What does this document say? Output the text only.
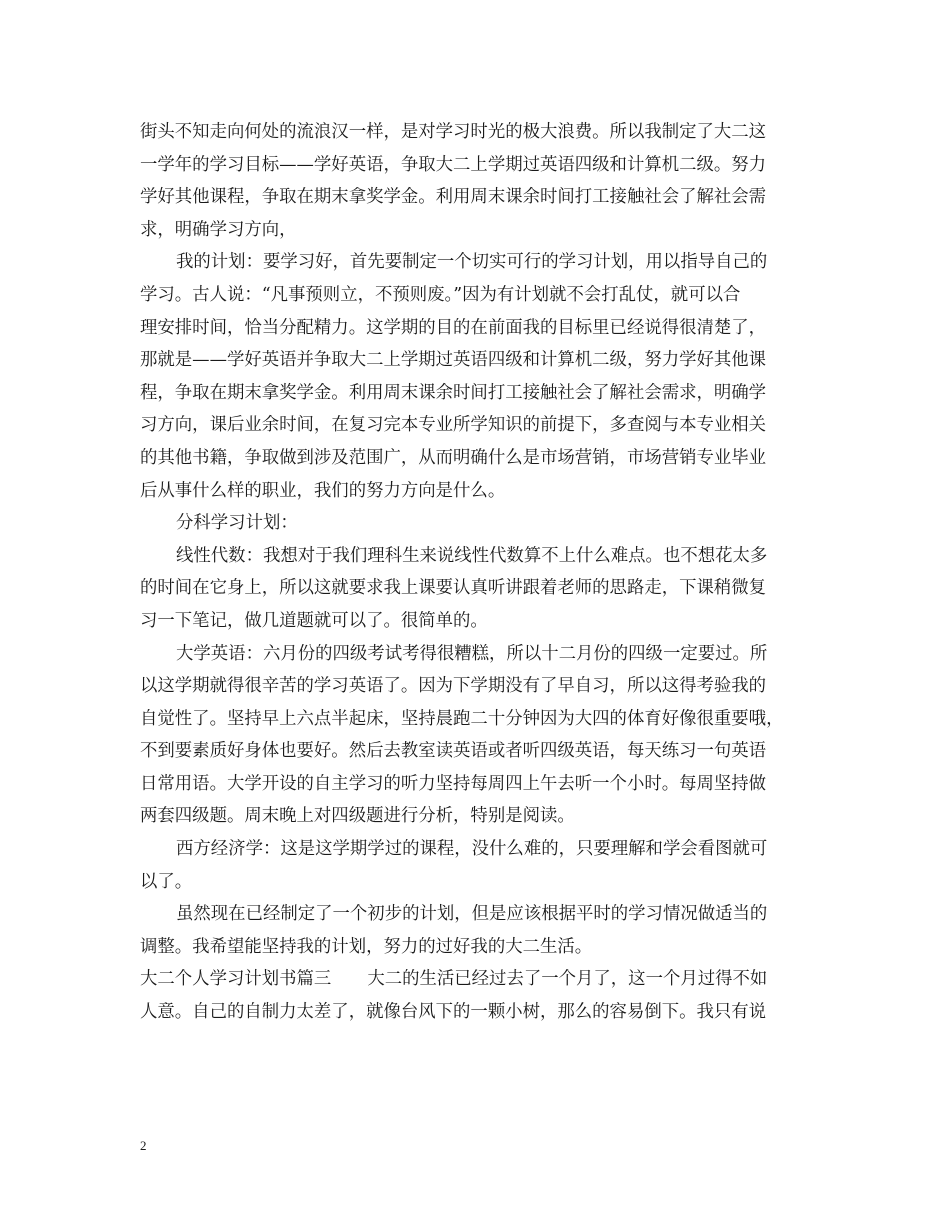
街头不知走向何处的流浪汉一样，是对学习时光的极大浪费。所以我制定了大二这
一学年的学习目标——学好英语，争取大二上学期过英语四级和计算机二级。努力
学好其他课程，争取在期末拿奖学金。利用周末课余时间打工接触社会了解社会需
求，明确学习方向，
我的计划：要学习好，首先要制定一个切实可行的学习计划，用以指导自己的
学习。古人说：“凡事预则立，不预则废。”因为有计划就不会打乱仗，就可以合
理安排时间，恰当分配精力。这学期的目的在前面我的目标里已经说得很清楚了，
那就是——学好英语并争取大二上学期过英语四级和计算机二级，努力学好其他课
程，争取在期末拿奖学金。利用周末课余时间打工接触社会了解社会需求，明确学
习方向，课后业余时间，在复习完本专业所学知识的前提下，多查阅与本专业相关
的其他书籍，争取做到涉及范围广，从而明确什么是市场营销，市场营销专业毕业
后从事什么样的职业，我们的努力方向是什么。
分科学习计划：
线性代数：我想对于我们理科生来说线性代数算不上什么难点。也不想花太多
的时间在它身上，所以这就要求我上课要认真听讲跟着老师的思路走，下课稍微复
习一下笔记，做几道题就可以了。很简单的。
大学英语：六月份的四级考试考得很糟糕，所以十二月份的四级一定要过。所
以这学期就得很辛苦的学习英语了。因为下学期没有了早自习，所以这得考验我的
自觉性了。坚持早上六点半起床，坚持晨跑二十分钟因为大四的体育好像很重要哦，
不到要素质好身体也要好。然后去教室读英语或者听四级英语，每天练习一句英语
日常用语。大学开设的自主学习的听力坚持每周四上午去听一个小时。每周坚持做
两套四级题。周末晚上对四级题进行分析，特别是阅读。
西方经济学：这是这学期学过的课程，没什么难的，只要理解和学会看图就可
以了。
虽然现在已经制定了一个初步的计划，但是应该根据平时的学习情况做适当的
调整。我希望能坚持我的计划，努力的过好我的大二生活。
大二个人学习计划书篇三 大二的生活已经过去了一个月了，这一个月过得不如
人意。自己的自制力太差了，就像台风下的一颗小树，那么的容易倒下。我只有说
2
